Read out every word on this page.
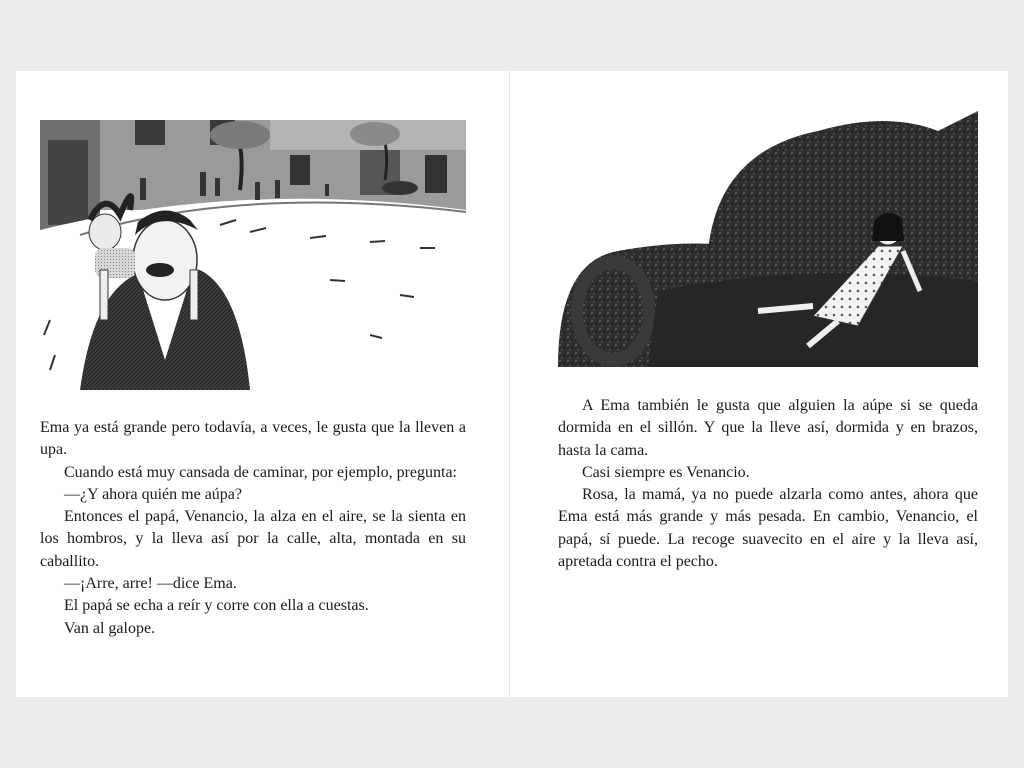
Ema ya está grande pero todavía, a veces, le gusta que la lleven a upa.

Cuando está muy cansada de caminar, por ejemplo, pregunta:

—¿Y ahora quién me aúpa?

Entonces el papá, Venancio, la alza en el aire, se la sienta en los hombros, y la lleva así por la calle, alta, montada en su caballito.

—¡Arre, arre! —dice Ema.

El papá se echa a reír y corre con ella a cuestas.

Van al galope.

A Ema también le gusta que alguien la aúpe si se queda dormida en el sillón. Y que la lleve así, dormida y en brazos, hasta la cama.

Casi siempre es Venancio.

Rosa, la mamá, ya no puede alzarla como antes, ahora que Ema está más grande y más pesada. En cambio, Venancio, el papá, sí puede. La recoge suavecito en el aire y la lleva así, apretada contra el pecho.
